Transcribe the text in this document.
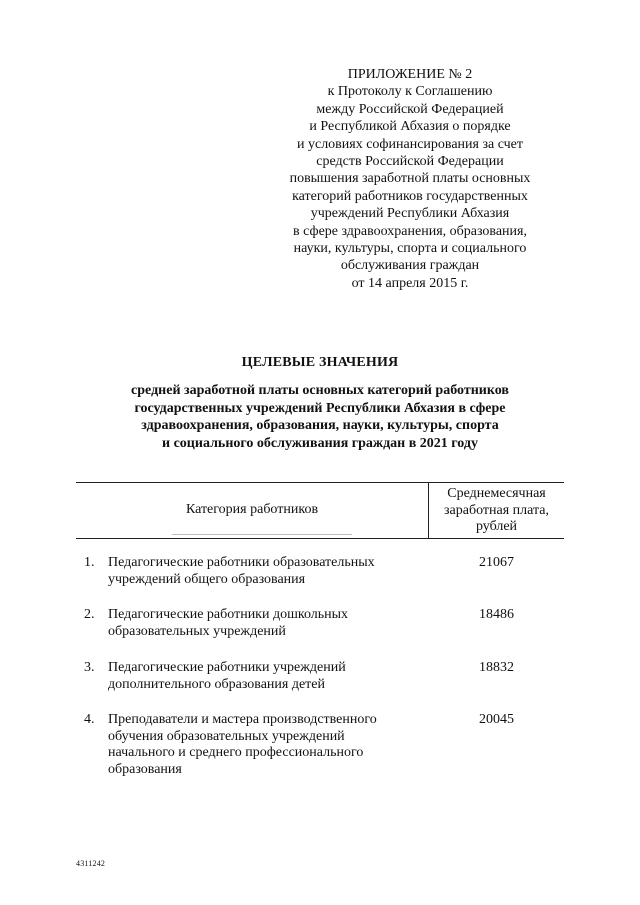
ПРИЛОЖЕНИЕ № 2
к Протоколу к Соглашению
между Российской Федерацией
и Республикой Абхазия о порядке
и условиях софинансирования за счет
средств Российской Федерации
повышения заработной платы основных
категорий работников государственных
учреждений Республики Абхазия
в сфере здравоохранения, образования,
науки, культуры, спорта и социального
обслуживания граждан
от 14 апреля 2015 г.
ЦЕЛЕВЫЕ ЗНАЧЕНИЯ
средней заработной платы основных категорий работников
государственных учреждений Республики Абхазия в сфере
здравоохранения, образования, науки, культуры, спорта
и социального обслуживания граждан в 2021 году
Категория работников
Среднемесячная
заработная плата,
рублей
1. Педагогические работники образовательных
учреждений общего образования
21067
2. Педагогические работники дошкольных
образовательных учреждений
18486
3. Педагогические работники учреждений
дополнительного образования детей
18832
4. Преподаватели и мастера производственного
обучения образовательных учреждений
начального и среднего профессионального
образования
20045
4311242
